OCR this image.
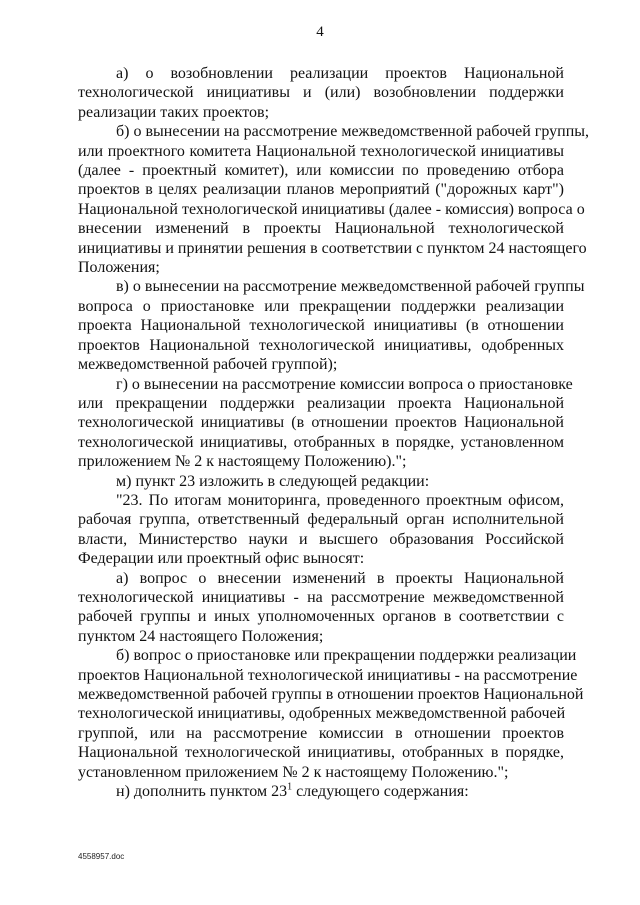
4

а) о возобновлении реализации проектов Национальной
технологической инициативы и (или) возобновлении поддержки
реализации таких проектов;

б) о вынесении на рассмотрение межведомственной рабочей группы,
или проектного комитета Национальной технологической инициативы
(далее - проектный комитет), или комиссии по проведению отбора
проектов в целях реализации планов мероприятий ("дорожных карт")
Национальной технологической инициативы (далее - комиссия) вопроса о
внесении изменений в проекты Национальной технологической
инициативы и принятии решения в соответствии с пунктом 24 настоящего
Положения;

в) о вынесении на рассмотрение межведомственной рабочей группы
вопроса о приостановке или прекращении поддержки реализации
проекта Национальной технологической инициативы (в отношении
проектов Национальной технологической инициативы, одобренных
межведомственной рабочей группой);

г) о вынесении на рассмотрение комиссии вопроса о приостановке
или прекращении поддержки реализации проекта Национальной
технологической инициативы (в отношении проектов Национальной
технологической инициативы, отобранных в порядке, установленном
приложением № 2 к настоящему Положению).";

м) пункт 23 изложить в следующей редакции:

"23. По итогам мониторинга, проведенного проектным офисом,
рабочая группа, ответственный федеральный орган исполнительной
власти, Министерство науки и высшего образования Российской
Федерации или проектный офис выносят:

а) вопрос о внесении изменений в проекты Национальной
технологической инициативы - на рассмотрение межведомственной
рабочей группы и иных уполномоченных органов в соответствии с
пунктом 24 настоящего Положения;

б) вопрос о приостановке или прекращении поддержки реализации
проектов Национальной технологической инициативы - на рассмотрение
межведомственной рабочей группы в отношении проектов Национальной
технологической инициативы, одобренных межведомственной рабочей
группой, или на рассмотрение комиссии в отношении проектов
Национальной технологической инициативы, отобранных в порядке,
установленном приложением № 2 к настоящему Положению.";

н) дополнить пунктом $23^1$ следующего содержания:

4558957.doc
